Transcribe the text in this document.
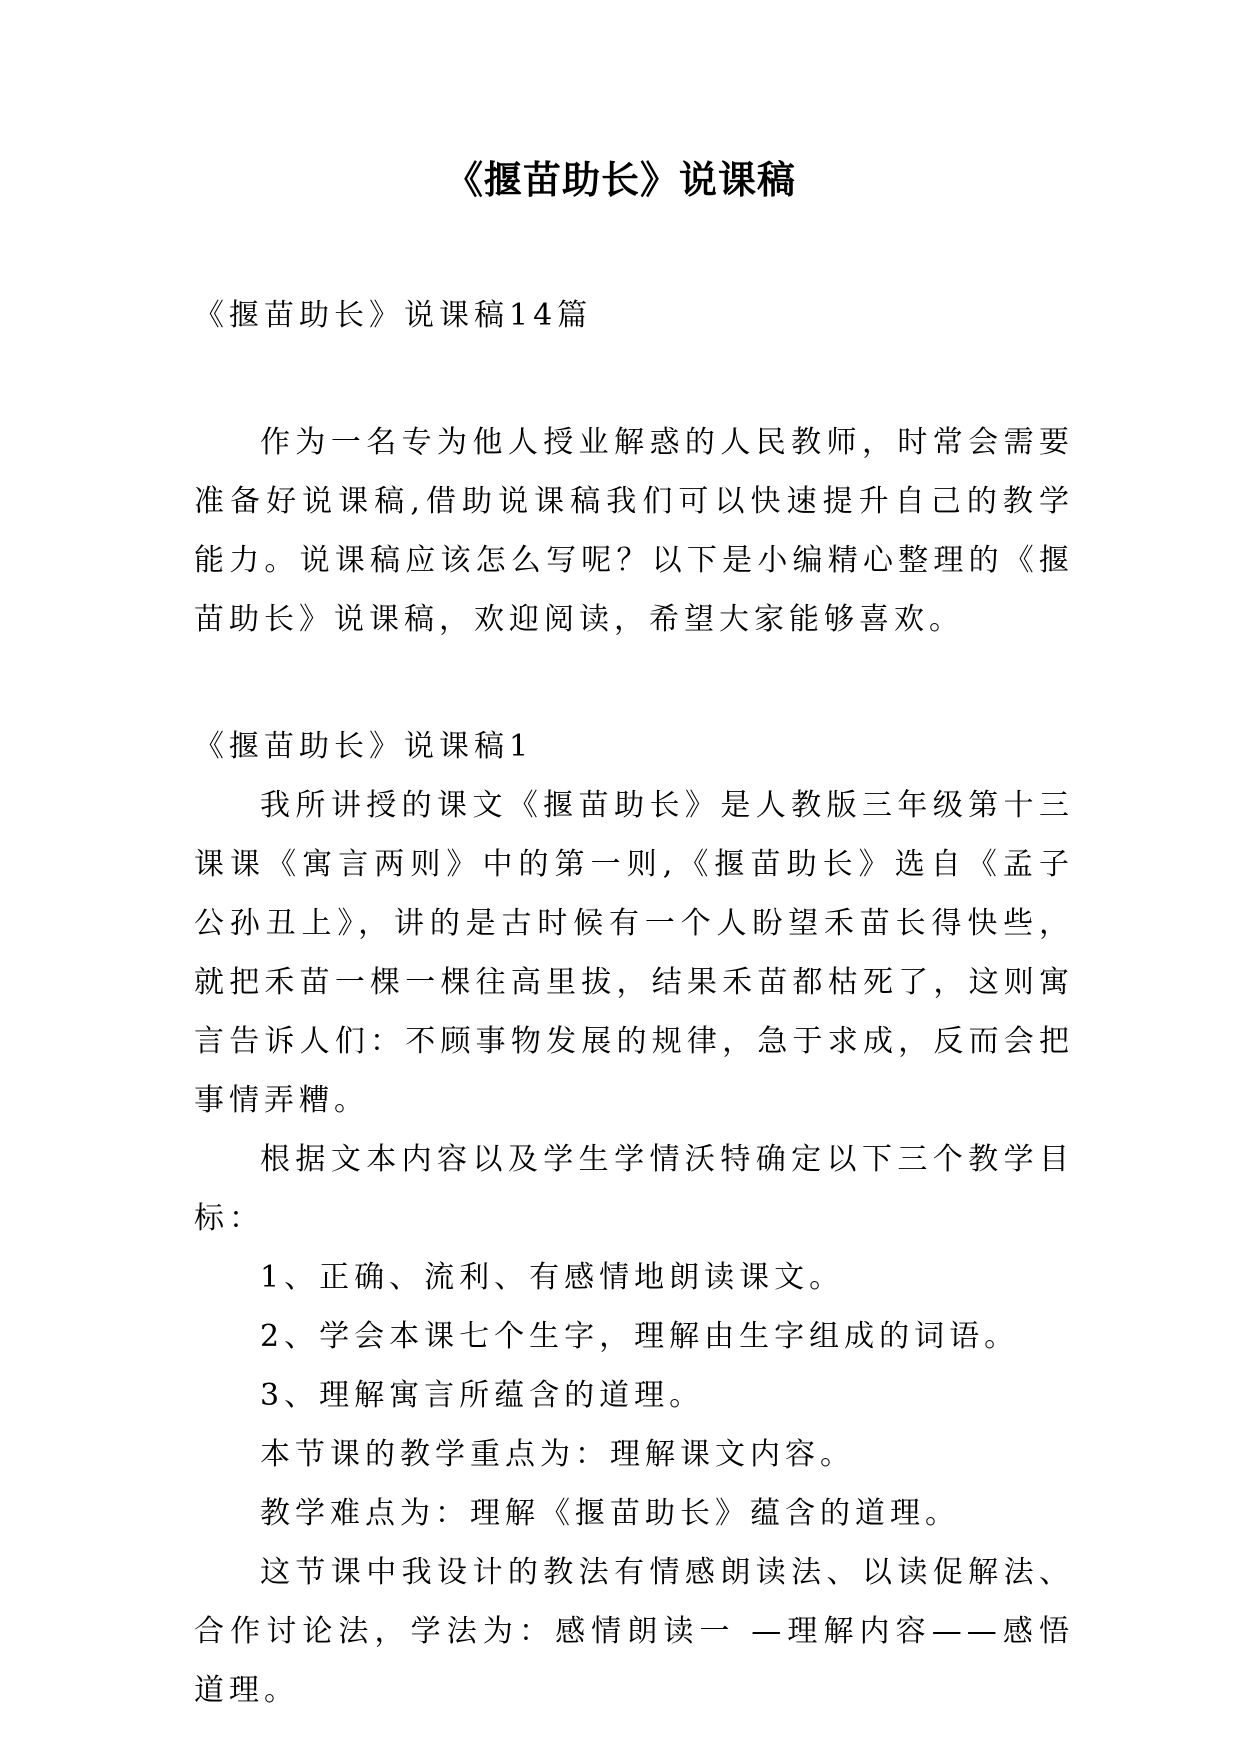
《揠苗助长》说课稿

《揠苗助长》说课稿14篇

作为一名专为他人授业解惑的人民教师，时常会需要准备好说课稿,借助说课稿我们可以快速提升自己的教学能力。说课稿应该怎么写呢？以下是小编精心整理的《揠苗助长》说课稿，欢迎阅读，希望大家能够喜欢。

《揠苗助长》说课稿1

我所讲授的课文《揠苗助长》是人教版三年级第十三课课《寓言两则》中的第一则,《揠苗助长》选自《孟子公孙丑上》，讲的是古时候有一个人盼望禾苗长得快些，就把禾苗一棵一棵往高里拔，结果禾苗都枯死了，这则寓言告诉人们：不顾事物发展的规律，急于求成，反而会把事情弄糟。

根据文本内容以及学生学情沃特确定以下三个教学目标：

1、正确、流利、有感情地朗读课文。

2、学会本课七个生字，理解由生字组成的词语。

3、理解寓言所蕴含的道理。

本节课的教学重点为：理解课文内容。

教学难点为：理解《揠苗助长》蕴含的道理。

这节课中我设计的教法有情感朗读法、以读促解法、合作讨论法，学法为：感情朗读一 —理解内容——感悟道理。
